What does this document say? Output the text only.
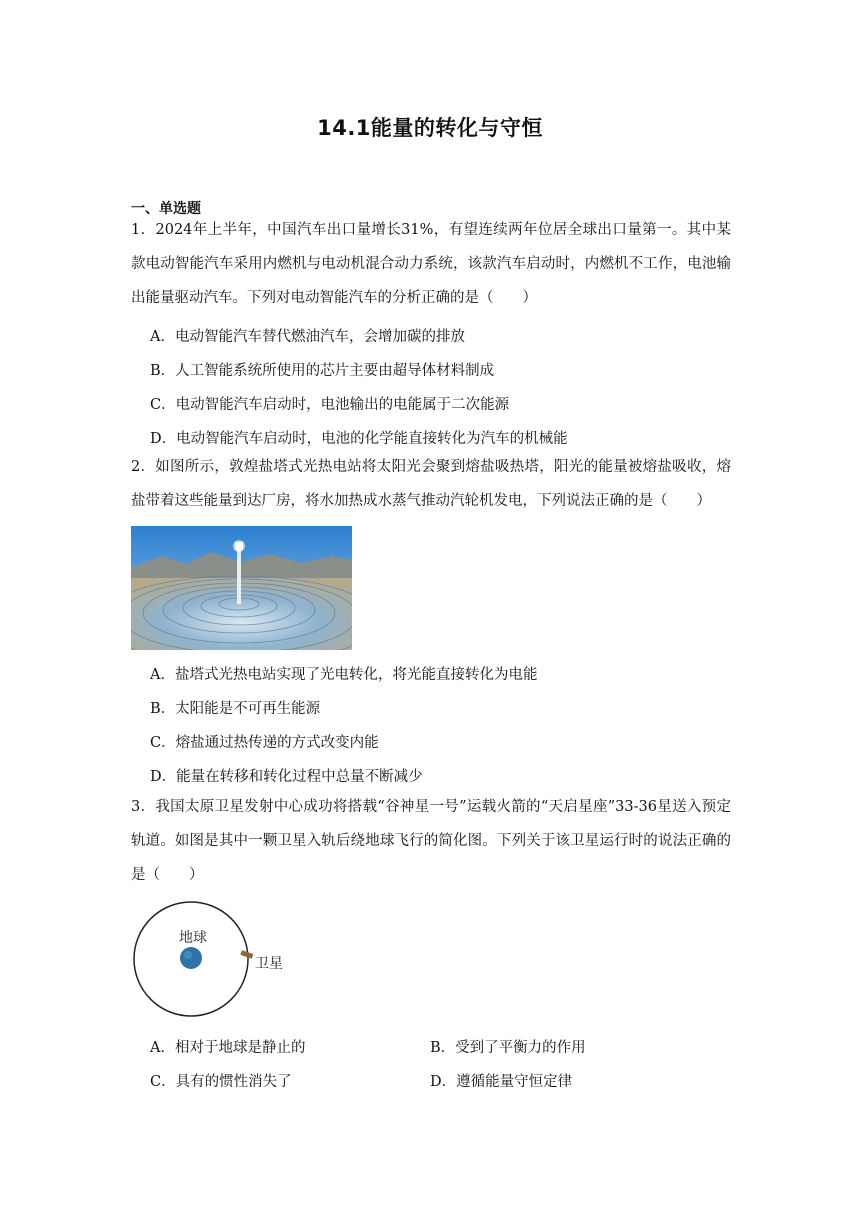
14.1能量的转化与守恒
一、单选题
1．2024年上半年，中国汽车出口量增长31%，有望连续两年位居全球出口量第一。其中某款电动智能汽车采用内燃机与电动机混合动力系统，该款汽车启动时，内燃机不工作，电池输出能量驱动汽车。下列对电动智能汽车的分析正确的是（　　）
A．电动智能汽车替代燃油汽车，会增加碳的排放
B．人工智能系统所使用的芯片主要由超导体材料制成
C．电动智能汽车启动时，电池输出的电能属于二次能源
D．电动智能汽车启动时，电池的化学能直接转化为汽车的机械能
2．如图所示，敦煌盐塔式光热电站将太阳光会聚到熔盐吸热塔，阳光的能量被熔盐吸收，熔盐带着这些能量到达厂房，将水加热成水蒸气推动汽轮机发电，下列说法正确的是（　　）
A．盐塔式光热电站实现了光电转化，将光能直接转化为电能
B．太阳能是不可再生能源
C．熔盐通过热传递的方式改变内能
D．能量在转移和转化过程中总量不断减少
3．我国太原卫星发射中心成功将搭载“谷神星一号”运载火箭的“天启星座”33-36星送入预定轨道。如图是其中一颗卫星入轨后绕地球飞行的简化图。下列关于该卫星运行时的说法正确的是（　　）
地球
卫星
A．相对于地球是静止的	B．受到了平衡力的作用
C．具有的惯性消失了	D．遵循能量守恒定律
